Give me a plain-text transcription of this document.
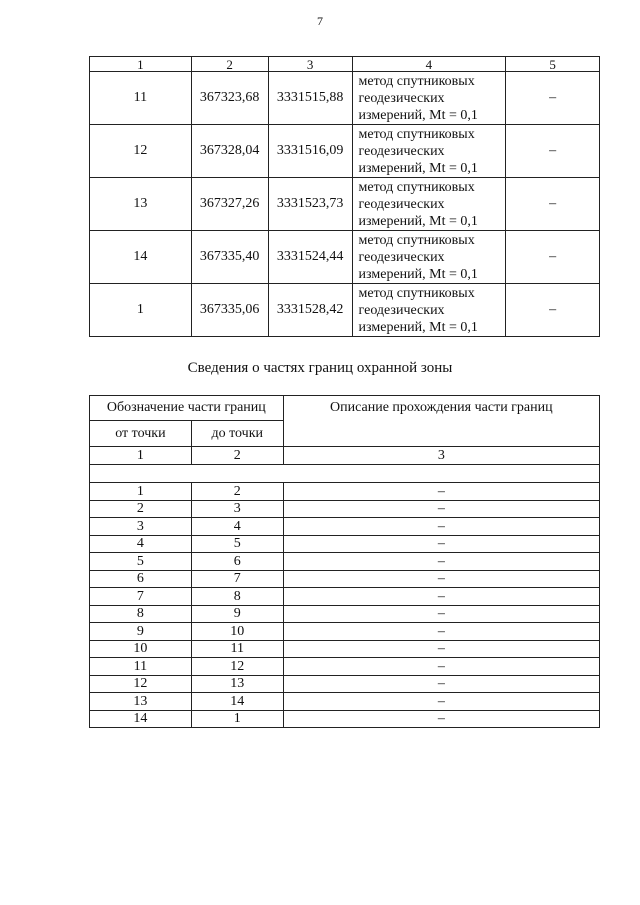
7
1	2	3	4	5
11	367323,68	3331515,88	метод спутниковых
геодезических
измерений, Mt = 0,1	–
12	367328,04	3331516,09	метод спутниковых
геодезических
измерений, Mt = 0,1	–
13	367327,26	3331523,73	метод спутниковых
геодезических
измерений, Mt = 0,1	–
14	367335,40	3331524,44	метод спутниковых
геодезических
измерений, Mt = 0,1	–
1	367335,06	3331528,42	метод спутниковых
геодезических
измерений, Mt = 0,1	–
Сведения о частях границ охранной зоны
Обозначение части границ		Описание прохождения части границ
от точки	до точки	
1	2	3

1	2	–
2	3	–
3	4	–
4	5	–
5	6	–
6	7	–
7	8	–
8	9	–
9	10	–
10	11	–
11	12	–
12	13	–
13	14	–
14	1	–
